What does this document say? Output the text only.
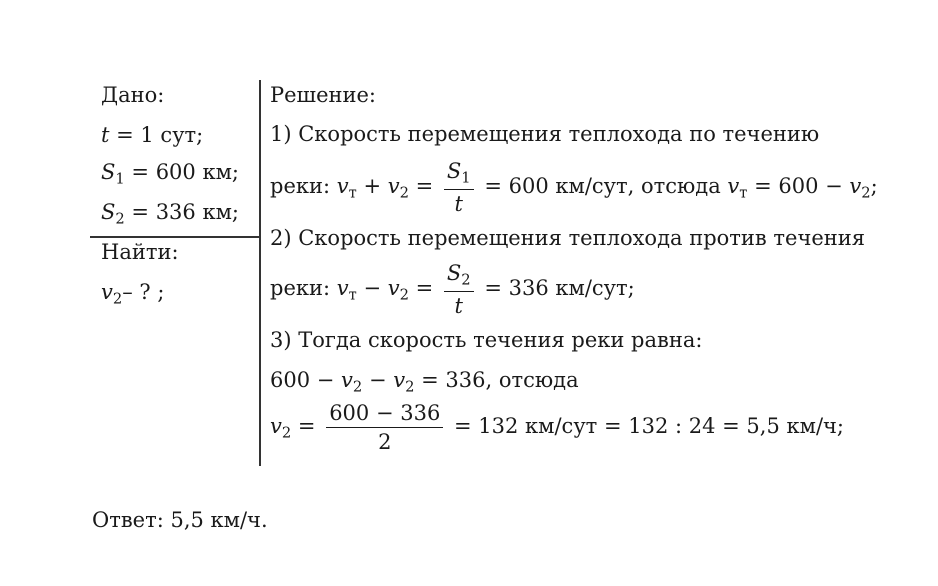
Дано:
t = 1 сут;
$S_1 = 600$ км;
$S_2 = 336$ км;
Найти:
$v_2-$ ? ;
Решение:
1) Скорость перемещения теплохода по течению
реки: $v_т + v_2 = \frac{S_1}{t} = 600$ км/сут, отсюда $v_т = 600 - v_2$;
2) Скорость перемещения теплохода против течения
реки: $v_т - v_2 = \frac{S_2}{t} = 336$ км/сут;
3) Тогда скорость течения реки равна:
$600 - v_2 - v_2 = 336$, отсюда
$v_2 = \frac{600 - 336}{2} = 132$ км/сут = 132 : 24 = 5,5 км/ч;
Ответ: 5,5 км/ч.
